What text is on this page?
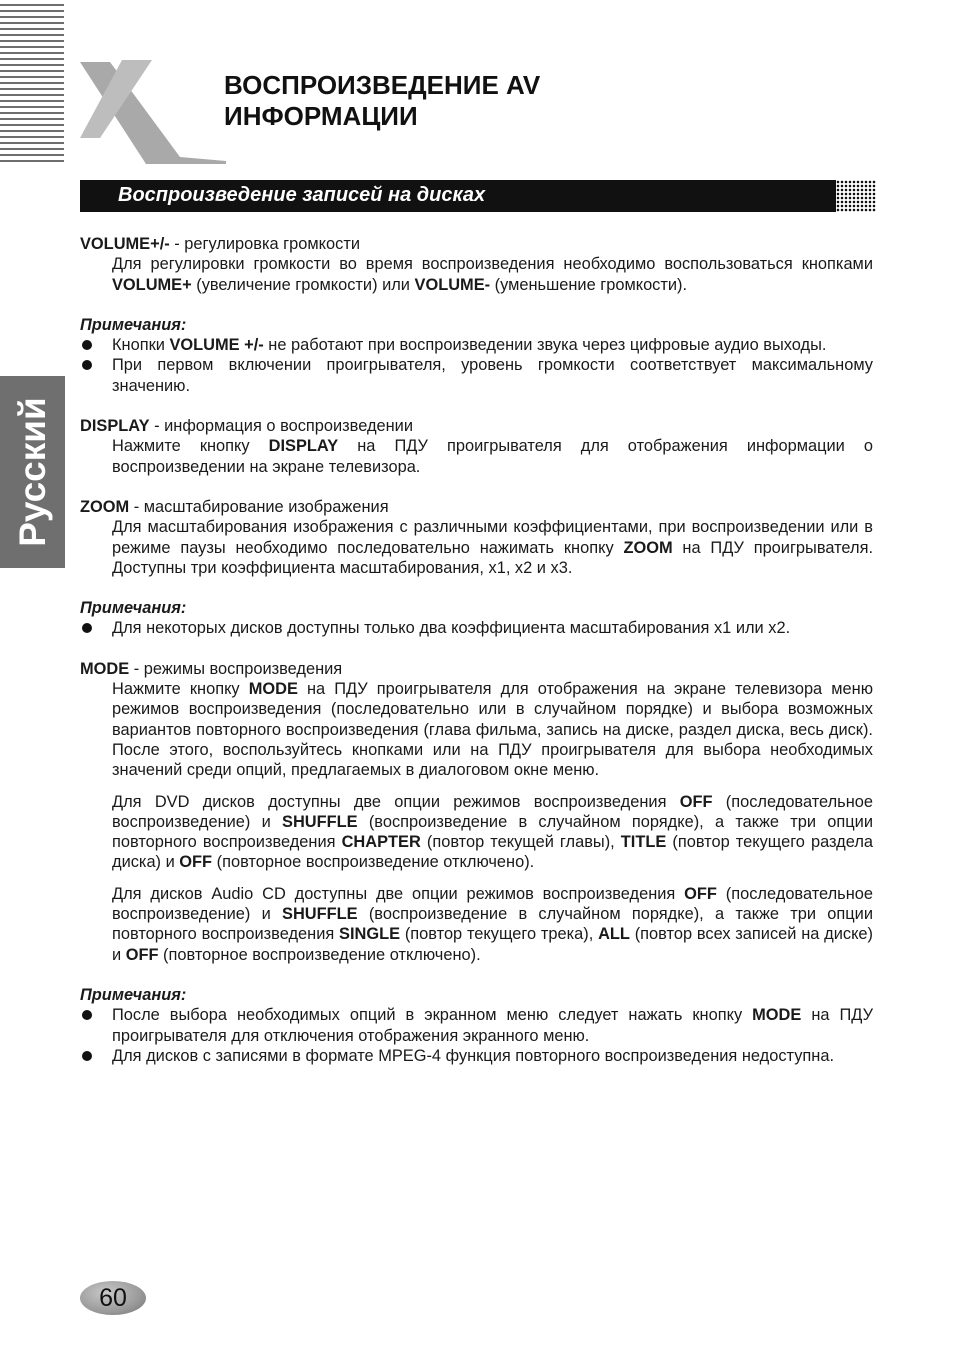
ВОСПРОИЗВЕДЕНИЕ AV
ИНФОРМАЦИИ
Русский
Воспроизведение записей на дисках

VOLUME+/- - регулировка громкости

Для регулировки громкости во время воспроизведения необходимо воспользоваться кнопками VOLUME+ (увеличение громкости) или VOLUME- (уменьшение громкости).

Примечания:

Кнопки VOLUME +/- не работают при воспроизведении звука через цифровые аудио выходы.
При первом включении проигрывателя, уровень громкости соответствует максимальному значению.

DISPLAY - информация о воспроизведении

Нажмите кнопку DISPLAY на ПДУ проигрывателя для отображения информации о воспроизведении на экране телевизора.

ZOOM - масштабирование изображения

Для масштабирования изображения с различными коэффициентами, при воспроизведении или в режиме паузы необходимо последовательно нажимать кнопку ZOOM на ПДУ проигрывателя. Доступны три коэффициента масштабирования, x1, x2 и x3.

Примечания:

Для некоторых дисков доступны только два коэффициента масштабирования x1 или x2.

MODE - режимы воспроизведения

Нажмите кнопку MODE на ПДУ проигрывателя для отображения на экране телевизора меню режимов воспроизведения (последовательно или в случайном порядке) и выбора возможных вариантов повторного воспроизведения (глава фильма, запись на диске, раздел диска, весь диск). После этого, воспользуйтесь кнопками или на ПДУ проигрывателя для выбора необходимых значений среди опций, предлагаемых в диалоговом окне меню.

Для DVD дисков доступны две опции режимов воспроизведения OFF (последовательное воспроизведение) и SHUFFLE (воспроизведение в случайном порядке), а также три опции повторного воспроизведения CHAPTER (повтор текущей главы), TITLE (повтор текущего раздела диска) и OFF (повторное воспроизведение отключено).

Для дисков Audio CD доступны две опции режимов воспроизведения OFF (последовательное воспроизведение) и SHUFFLE (воспроизведение в случайном порядке), а также три опции повторного воспроизведения SINGLE (повтор текущего трека), ALL (повтор всех записей на диске) и OFF (повторное воспроизведение отключено).

Примечания:

После выбора необходимых опций в экранном меню следует нажать кнопку MODE на ПДУ проигрывателя для отключения отображения экранного меню.
Для дисков с записями в формате MPEG-4 функция повторного воспроизведения недоступна.
60
